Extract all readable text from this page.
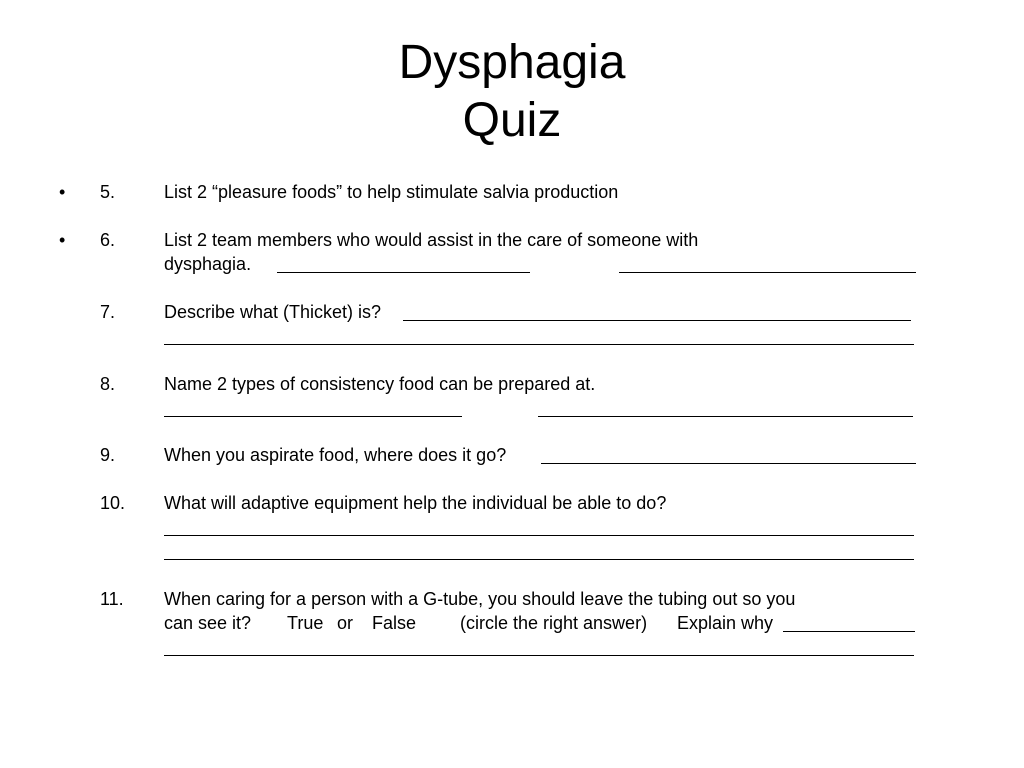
Dysphagia
Quiz
• 5.	List 2 “pleasure foods” to help stimulate salvia production
• 6.	List 2 team members who would assist in the care of someone with
dysphagia.
7.	Describe what (Thicket) is?
8.	Name 2 types of consistency food can be prepared at.
9.	When you aspirate food, where does it go?
10. What will adaptive equipment help the individual be able to do?
11. When caring for a person with a G-tube, you should leave the tubing out so you
can see it? True or False (circle the right answer) Explain why
